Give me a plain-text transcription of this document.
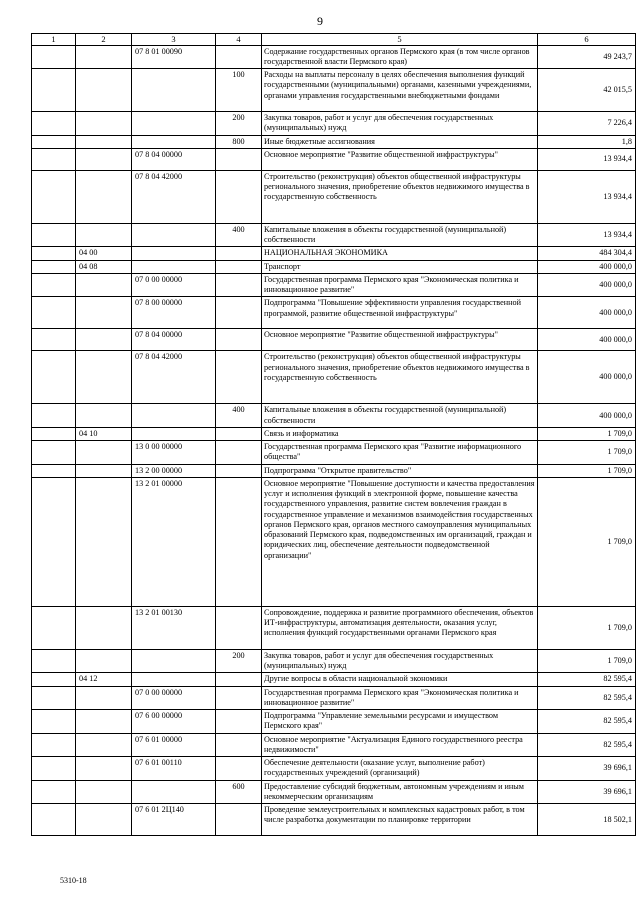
9
1	2	3	4	5	6
		07 8 01 00090		Содержание государственных органов Пермского края (в том числе органов государственной власти Пермского края)	49 243,7
			100	Расходы на выплаты персоналу в целях обеспечения выполнения функций государственными (муниципальными) органами, казенными учреждениями, органами управления государственными внебюджетными фондами	42 015,5
			200	Закупка товаров, работ и услуг для обеспечения государственных (муниципальных) нужд	7 226,4
			800	Иные бюджетные ассигнования	1,8
		07 8 04 00000		Основное мероприятие "Развитие общественной инфраструктуры"	13 934,4
		07 8 04 42000		Строительство (реконструкция) объектов общественной инфраструктуры регионального значения, приобретение объектов недвижимого имущества в государственную собственность	13 934,4
			400	Капитальные вложения в объекты государственной (муниципальной) собственности	13 934,4
	04 00			НАЦИОНАЛЬНАЯ ЭКОНОМИКА	484 304,4
	04 08			Транспорт	400 000,0
		07 0 00 00000		Государственная программа Пермского края "Экономическая политика и инновационное развитие"	400 000,0
		07 8 00 00000		Подпрограмма "Повышение эффективности управления государственной программой, развитие общественной инфраструктуры"	400 000,0
		07 8 04 00000		Основное мероприятие "Развитие общественной инфраструктуры"	400 000,0
		07 8 04 42000		Строительство (реконструкция) объектов общественной инфраструктуры регионального значения, приобретение объектов недвижимого имущества в государственную собственность	400 000,0
			400	Капитальные вложения в объекты государственной (муниципальной) собственности	400 000,0
	04 10			Связь и информатика	1 709,0
		13 0 00 00000		Государственная программа Пермского края "Развитие информационного общества"	1 709,0
		13 2 00 00000		Подпрограмма "Открытое правительство"	1 709,0
		13 2 01 00000		Основное мероприятие "Повышение доступности и качества предоставления услуг и исполнения функций в электронной форме, повышение качества государственного управления, развитие систем вовлечения граждан в государственное управление и механизмов взаимодействия государственных органов Пермского края, органов местного самоуправления муниципальных образований Пермского края, подведомственных им организаций, граждан и юридических лиц, обеспечение деятельности подведомственной организации"	1 709,0
		13 2 01 00130		Сопровождение, поддержка и развитие программного обеспечения, объектов ИТ-инфраструктуры, автоматизация деятельности, оказания услуг, исполнения функций государственными органами Пермского края	1 709,0
			200	Закупка товаров, работ и услуг для обеспечения государственных (муниципальных) нужд	1 709,0
	04 12			Другие вопросы в области национальной экономики	82 595,4
		07 0 00 00000		Государственная программа Пермского края "Экономическая политика и инновационное развитие"	82 595,4
		07 6 00 00000		Подпрограмма "Управление земельными ресурсами и имуществом Пермского края"	82 595,4
		07 6 01 00000		Основное мероприятие "Актуализация Единого государственного реестра недвижимости"	82 595,4
		07 6 01 00110		Обеспечение деятельности (оказание услуг, выполнение работ) государственных учреждений (организаций)	39 696,1
			600	Предоставление субсидий бюджетным, автономным учреждениям и иным некоммерческим организациям	39 696,1
		07 6 01 2Ц140		Проведение землеустроительных и комплексных кадастровых работ, в том числе разработка документации по планировке территории	18 502,1
5310-18
